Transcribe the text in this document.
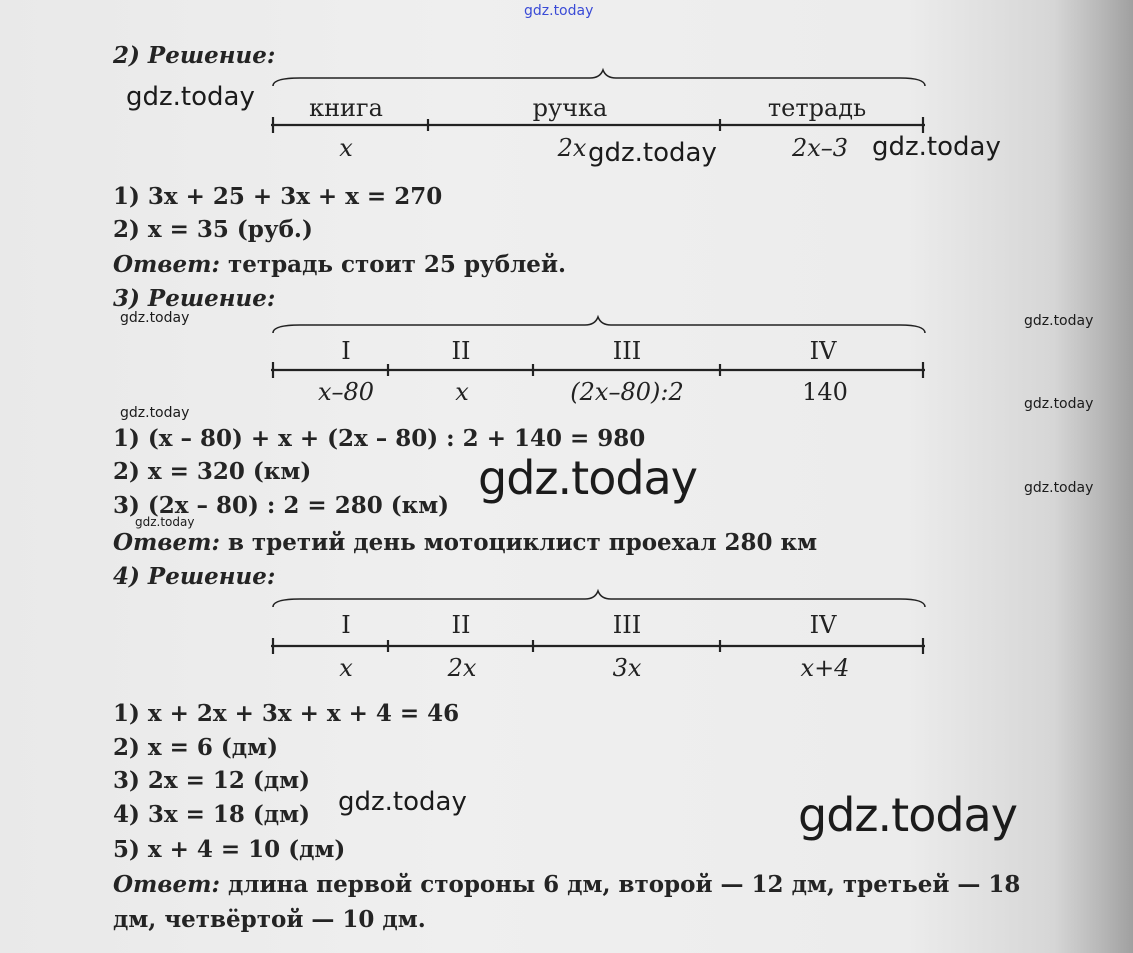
2) Решение:
книга	ручка	тетрадь
x	2x	2x–3
1) 3x + 25 + 3x + x = 270
2) x = 35 (руб.)
Ответ: тетрадь стоит 25 рублей.
3) Решение:
I	II	III	IV
x–80	x	(2x–80):2	140
1) (x – 80) + x + (2x – 80) : 2 + 140 = 980
2) x = 320 (км)
3) (2x – 80) : 2 = 280 (км)
Ответ: в третий день мотоциклист проехал 280 км
4) Решение:
I	II	III	IV
x	2x	3x	x+4
1) x + 2x + 3x + x + 4 = 46
2) x = 6 (дм)
3) 2x = 12 (дм)
4) 3x = 18 (дм)
5) x + 4 = 10 (дм)
Ответ: длина первой стороны 6 дм, второй — 12 дм, третьей — 18
дм, четвёртой — 10 дм.
gdz.today
gdz.today
gdz.today	gdz.today
gdz.today	gdz.today
gdz.today
gdz.today
gdz.today	gdz.today
gdz.today
gdz.today	gdz.today
